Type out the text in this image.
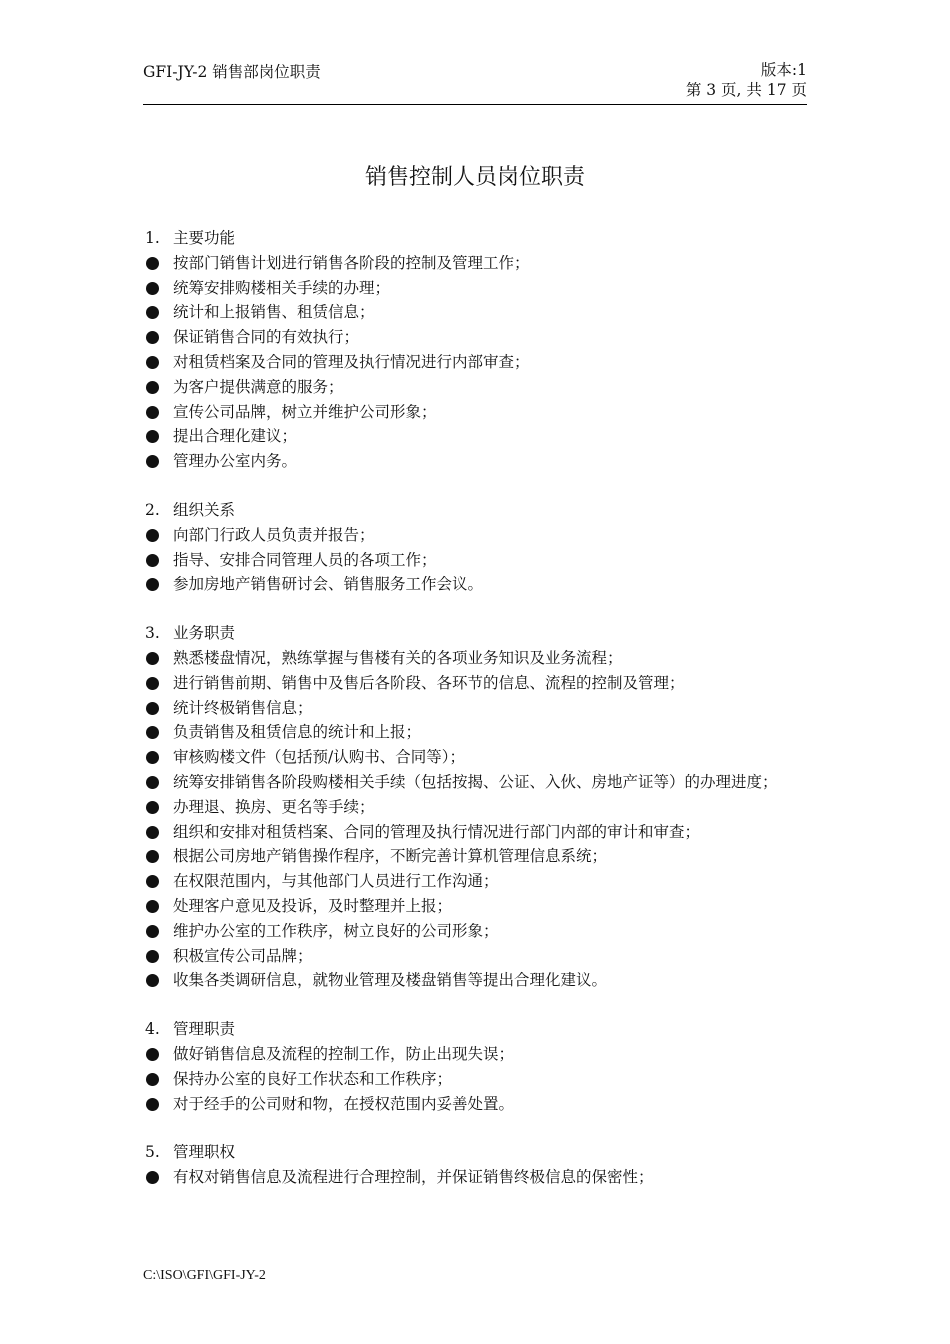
GFI-JY-2 销售部岗位职责	版本:1
第 3 页, 共 17 页
销售控制人员岗位职责
1. 主要功能
按部门销售计划进行销售各阶段的控制及管理工作；
统筹安排购楼相关手续的办理；
统计和上报销售、租赁信息；
保证销售合同的有效执行；
对租赁档案及合同的管理及执行情况进行内部审查；
为客户提供满意的服务；
宣传公司品牌，树立并维护公司形象；
提出合理化建议；
管理办公室内务。
2. 组织关系
向部门行政人员负责并报告；
指导、安排合同管理人员的各项工作；
参加房地产销售研讨会、销售服务工作会议。
3. 业务职责
熟悉楼盘情况，熟练掌握与售楼有关的各项业务知识及业务流程；
进行销售前期、销售中及售后各阶段、各环节的信息、流程的控制及管理；
统计终极销售信息；
负责销售及租赁信息的统计和上报；
审核购楼文件（包括预/认购书、合同等）；
统筹安排销售各阶段购楼相关手续（包括按揭、公证、入伙、房地产证等）的办理进度；
办理退、换房、更名等手续；
组织和安排对租赁档案、合同的管理及执行情况进行部门内部的审计和审查；
根据公司房地产销售操作程序，不断完善计算机管理信息系统；
在权限范围内，与其他部门人员进行工作沟通；
处理客户意见及投诉，及时整理并上报；
维护办公室的工作秩序，树立良好的公司形象；
积极宣传公司品牌；
收集各类调研信息，就物业管理及楼盘销售等提出合理化建议。
4. 管理职责
做好销售信息及流程的控制工作，防止出现失误；
保持办公室的良好工作状态和工作秩序；
对于经手的公司财和物，在授权范围内妥善处置。
5. 管理职权
有权对销售信息及流程进行合理控制，并保证销售终极信息的保密性；
C:\ISO\GFI\GFI-JY-2
